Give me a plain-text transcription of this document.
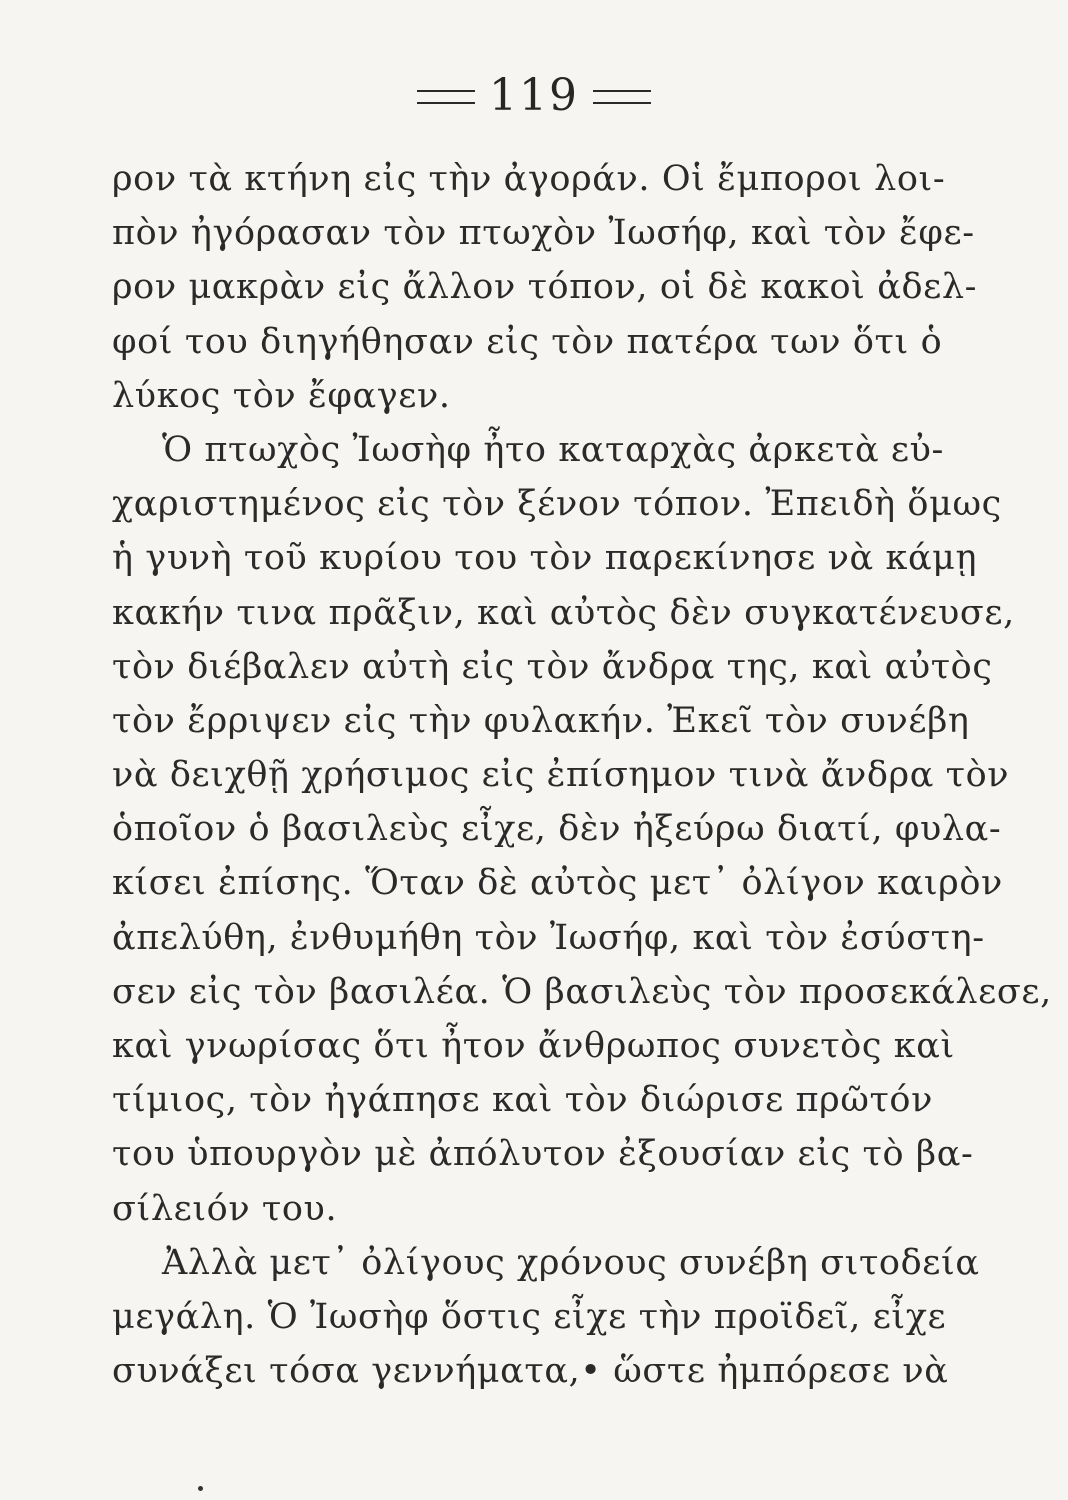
119
ρον τὰ κτήνη εἰς τὴν ἀγοράν. Οἱ ἔμποροι λοι-
πὸν ἠγόρασαν τὸν πτωχὸν Ἰωσήφ, καὶ τὸν ἔφε-
ρον μακρὰν εἰς ἄλλον τόπον, οἱ δὲ κακοὶ ἀδελ-
φοί του διηγήθησαν εἰς τὸν πατέρα των ὅτι ὁ
λύκος τὸν ἔφαγεν.
Ὁ πτωχὸς Ἰωσὴφ ἦτο καταρχὰς ἀρκετὰ εὐ-
χαριστημένος εἰς τὸν ξένον τόπον. Ἐπειδὴ ὅμως
ἡ γυνὴ τοῦ κυρίου του τὸν παρεκίνησε νὰ κάμῃ
κακήν τινα πρᾶξιν, καὶ αὐτὸς δὲν συγκατένευσε,
τὸν διέβαλεν αὐτὴ εἰς τὸν ἄνδρα της, καὶ αὐτὸς
τὸν ἔρριψεν εἰς τὴν φυλακήν. Ἐκεῖ τὸν συνέβη
νὰ δειχθῇ χρήσιμος εἰς ἐπίσημον τινὰ ἄνδρα τὸν
ὁποῖον ὁ βασιλεὺς εἶχε, δὲν ἠξεύρω διατί, φυλα-
κίσει ἐπίσης. Ὅταν δὲ αὐτὸς μετ᾽ ὀλίγον καιρὸν
ἀπελύθη, ἐνθυμήθη τὸν Ἰωσήφ, καὶ τὸν ἐσύστη-
σεν εἰς τὸν βασιλέα. Ὁ βασιλεὺς τὸν προσεκάλεσε,
καὶ γνωρίσας ὅτι ἦτον ἄνθρωπος συνετὸς καὶ
τίμιος, τὸν ἠγάπησε καὶ τὸν διώρισε πρῶτόν
του ὑπουργὸν μὲ ἀπόλυτον ἐξουσίαν εἰς τὸ βα-
σίλειόν του.
Ἀλλὰ μετ᾽ ὀλίγους χρόνους συνέβη σιτοδεία
μεγάλη. Ὁ Ἰωσὴφ ὅστις εἶχε τὴν προϊδεῖ, εἶχε
συνάξει τόσα γεννήματα,• ὥστε ἠμπόρεσε νὰ
